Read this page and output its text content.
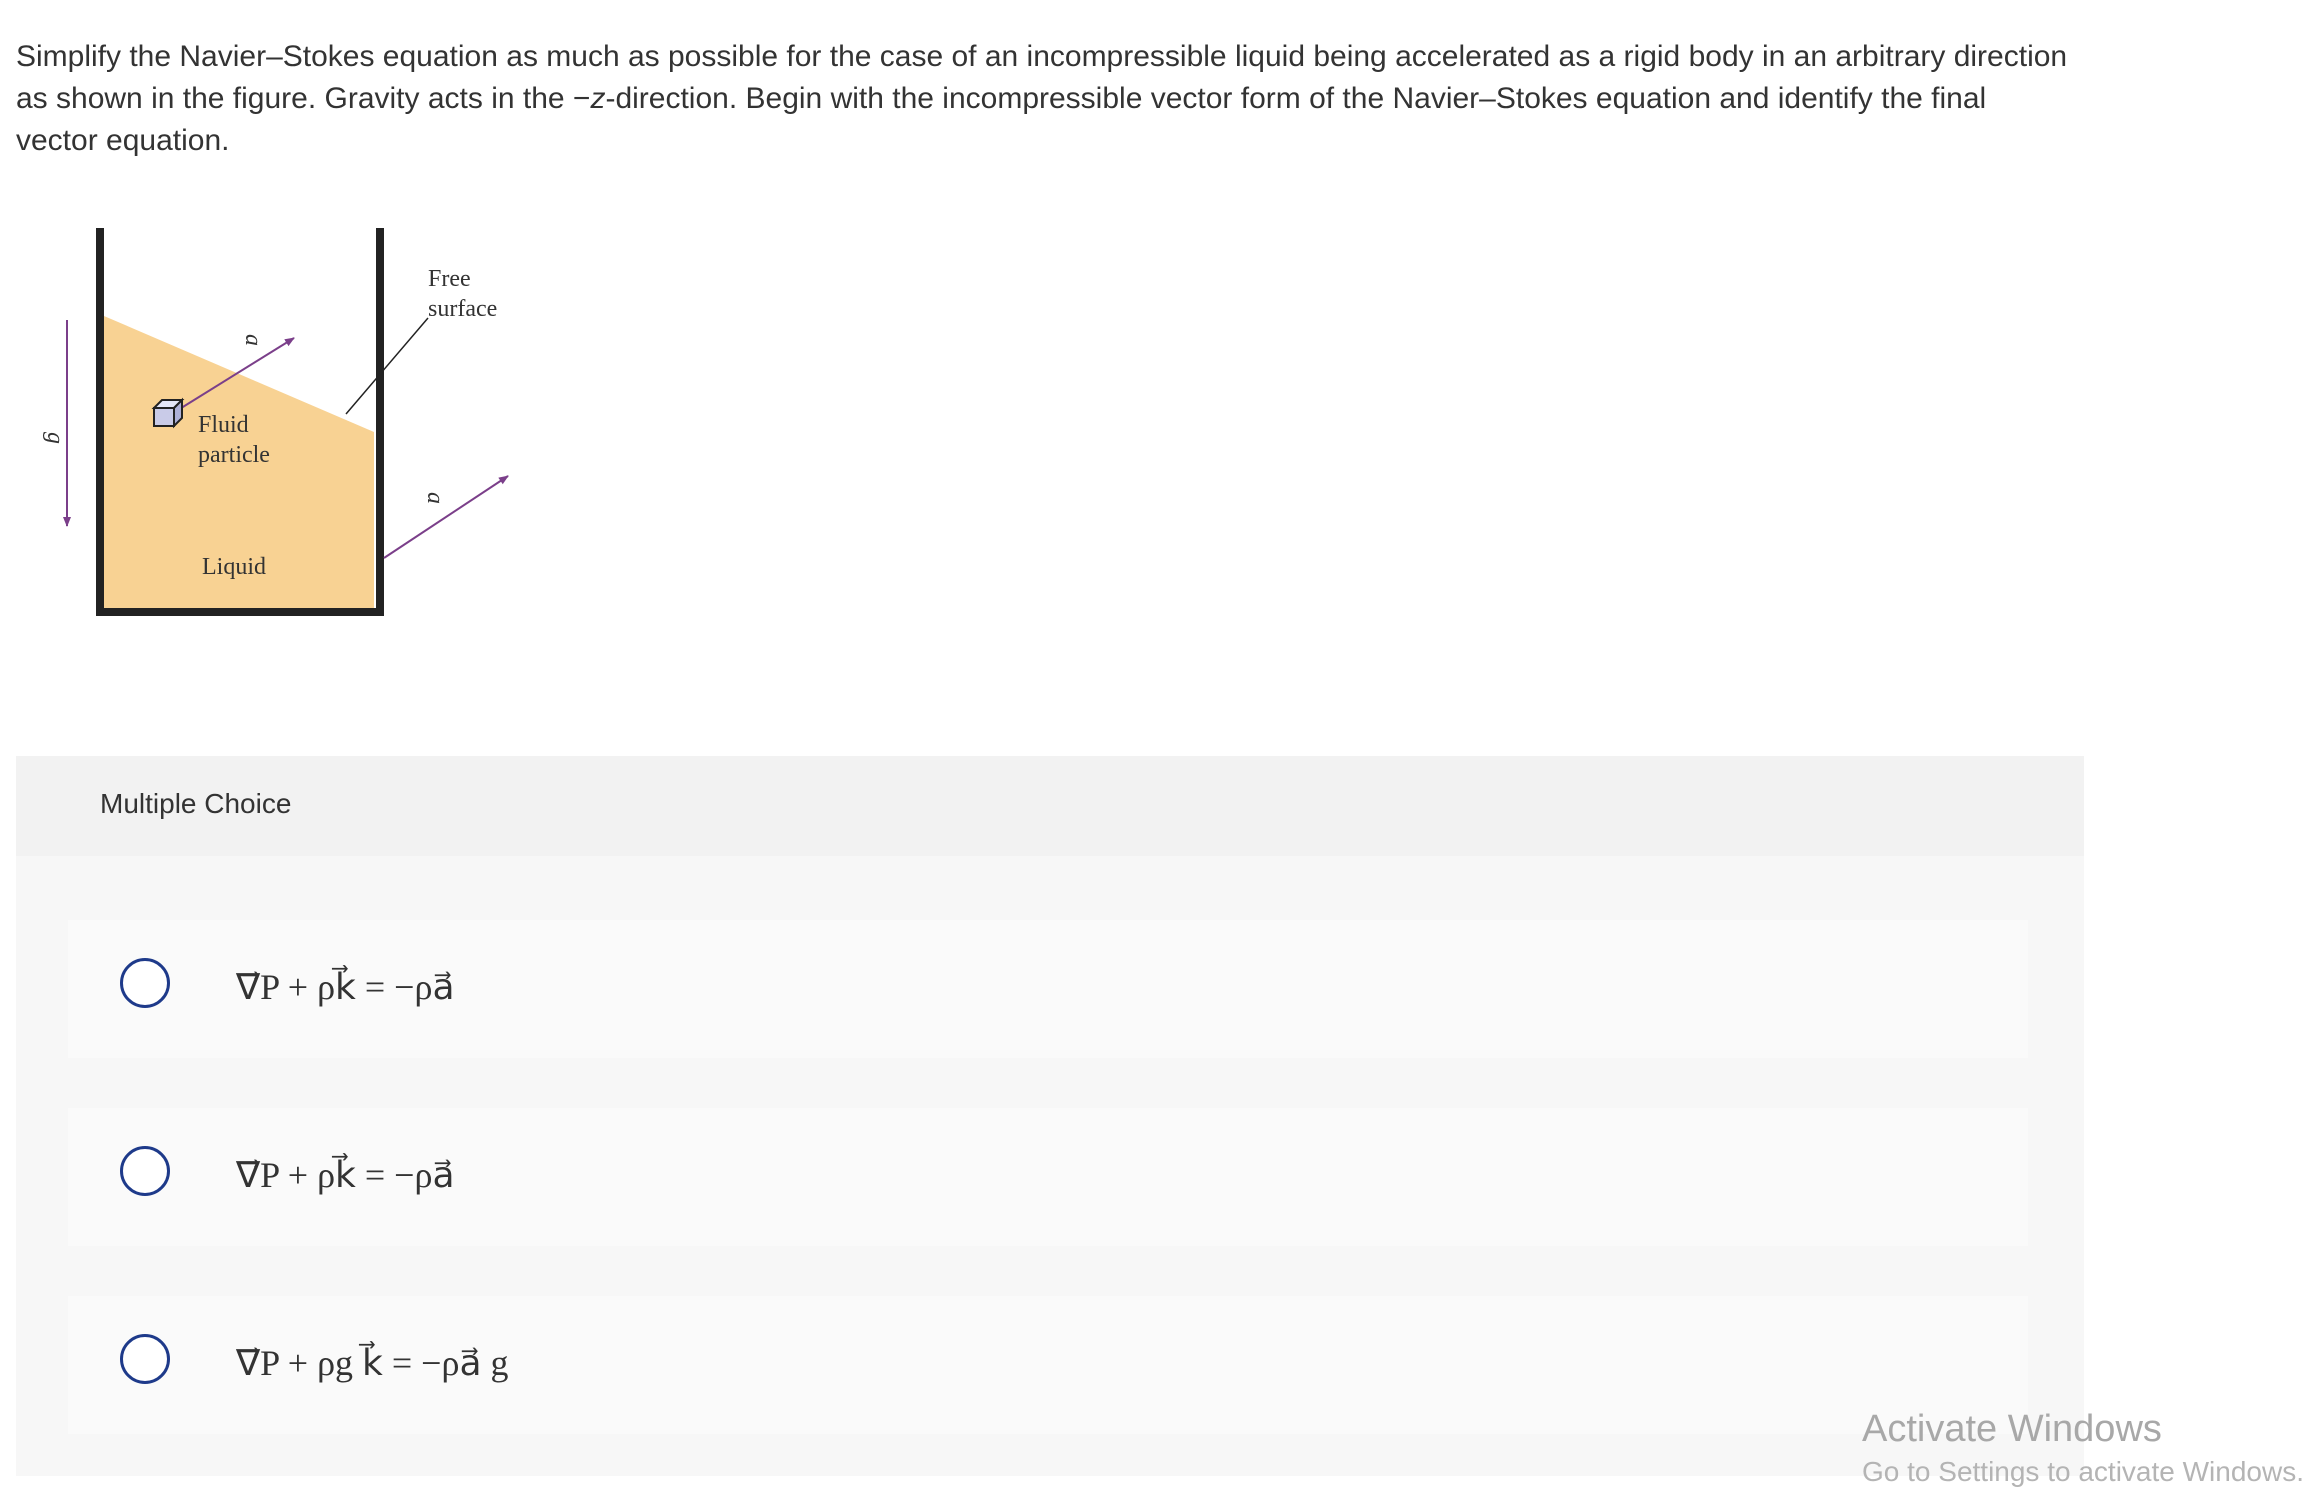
Simplify the Navier–Stokes equation as much as possible for the case of an incompressible liquid being accelerated as a rigid body in an arbitrary direction as shown in the figure. Gravity acts in the −z-direction. Begin with the incompressible vector form of the Navier–Stokes equation and identify the final vector equation.
g⃗
a⃗
Fluid
particle
Liquid
Free
surface
a⃗
Multiple Choice
∇⃗P + ρk⃗ = −ρa⃗
∇⃗P + ρk⃗ = −ρa⃗
∇⃗P + ρg k⃗ = −ρa⃗ g
Activate Windows
Go to Settings to activate Windows.
